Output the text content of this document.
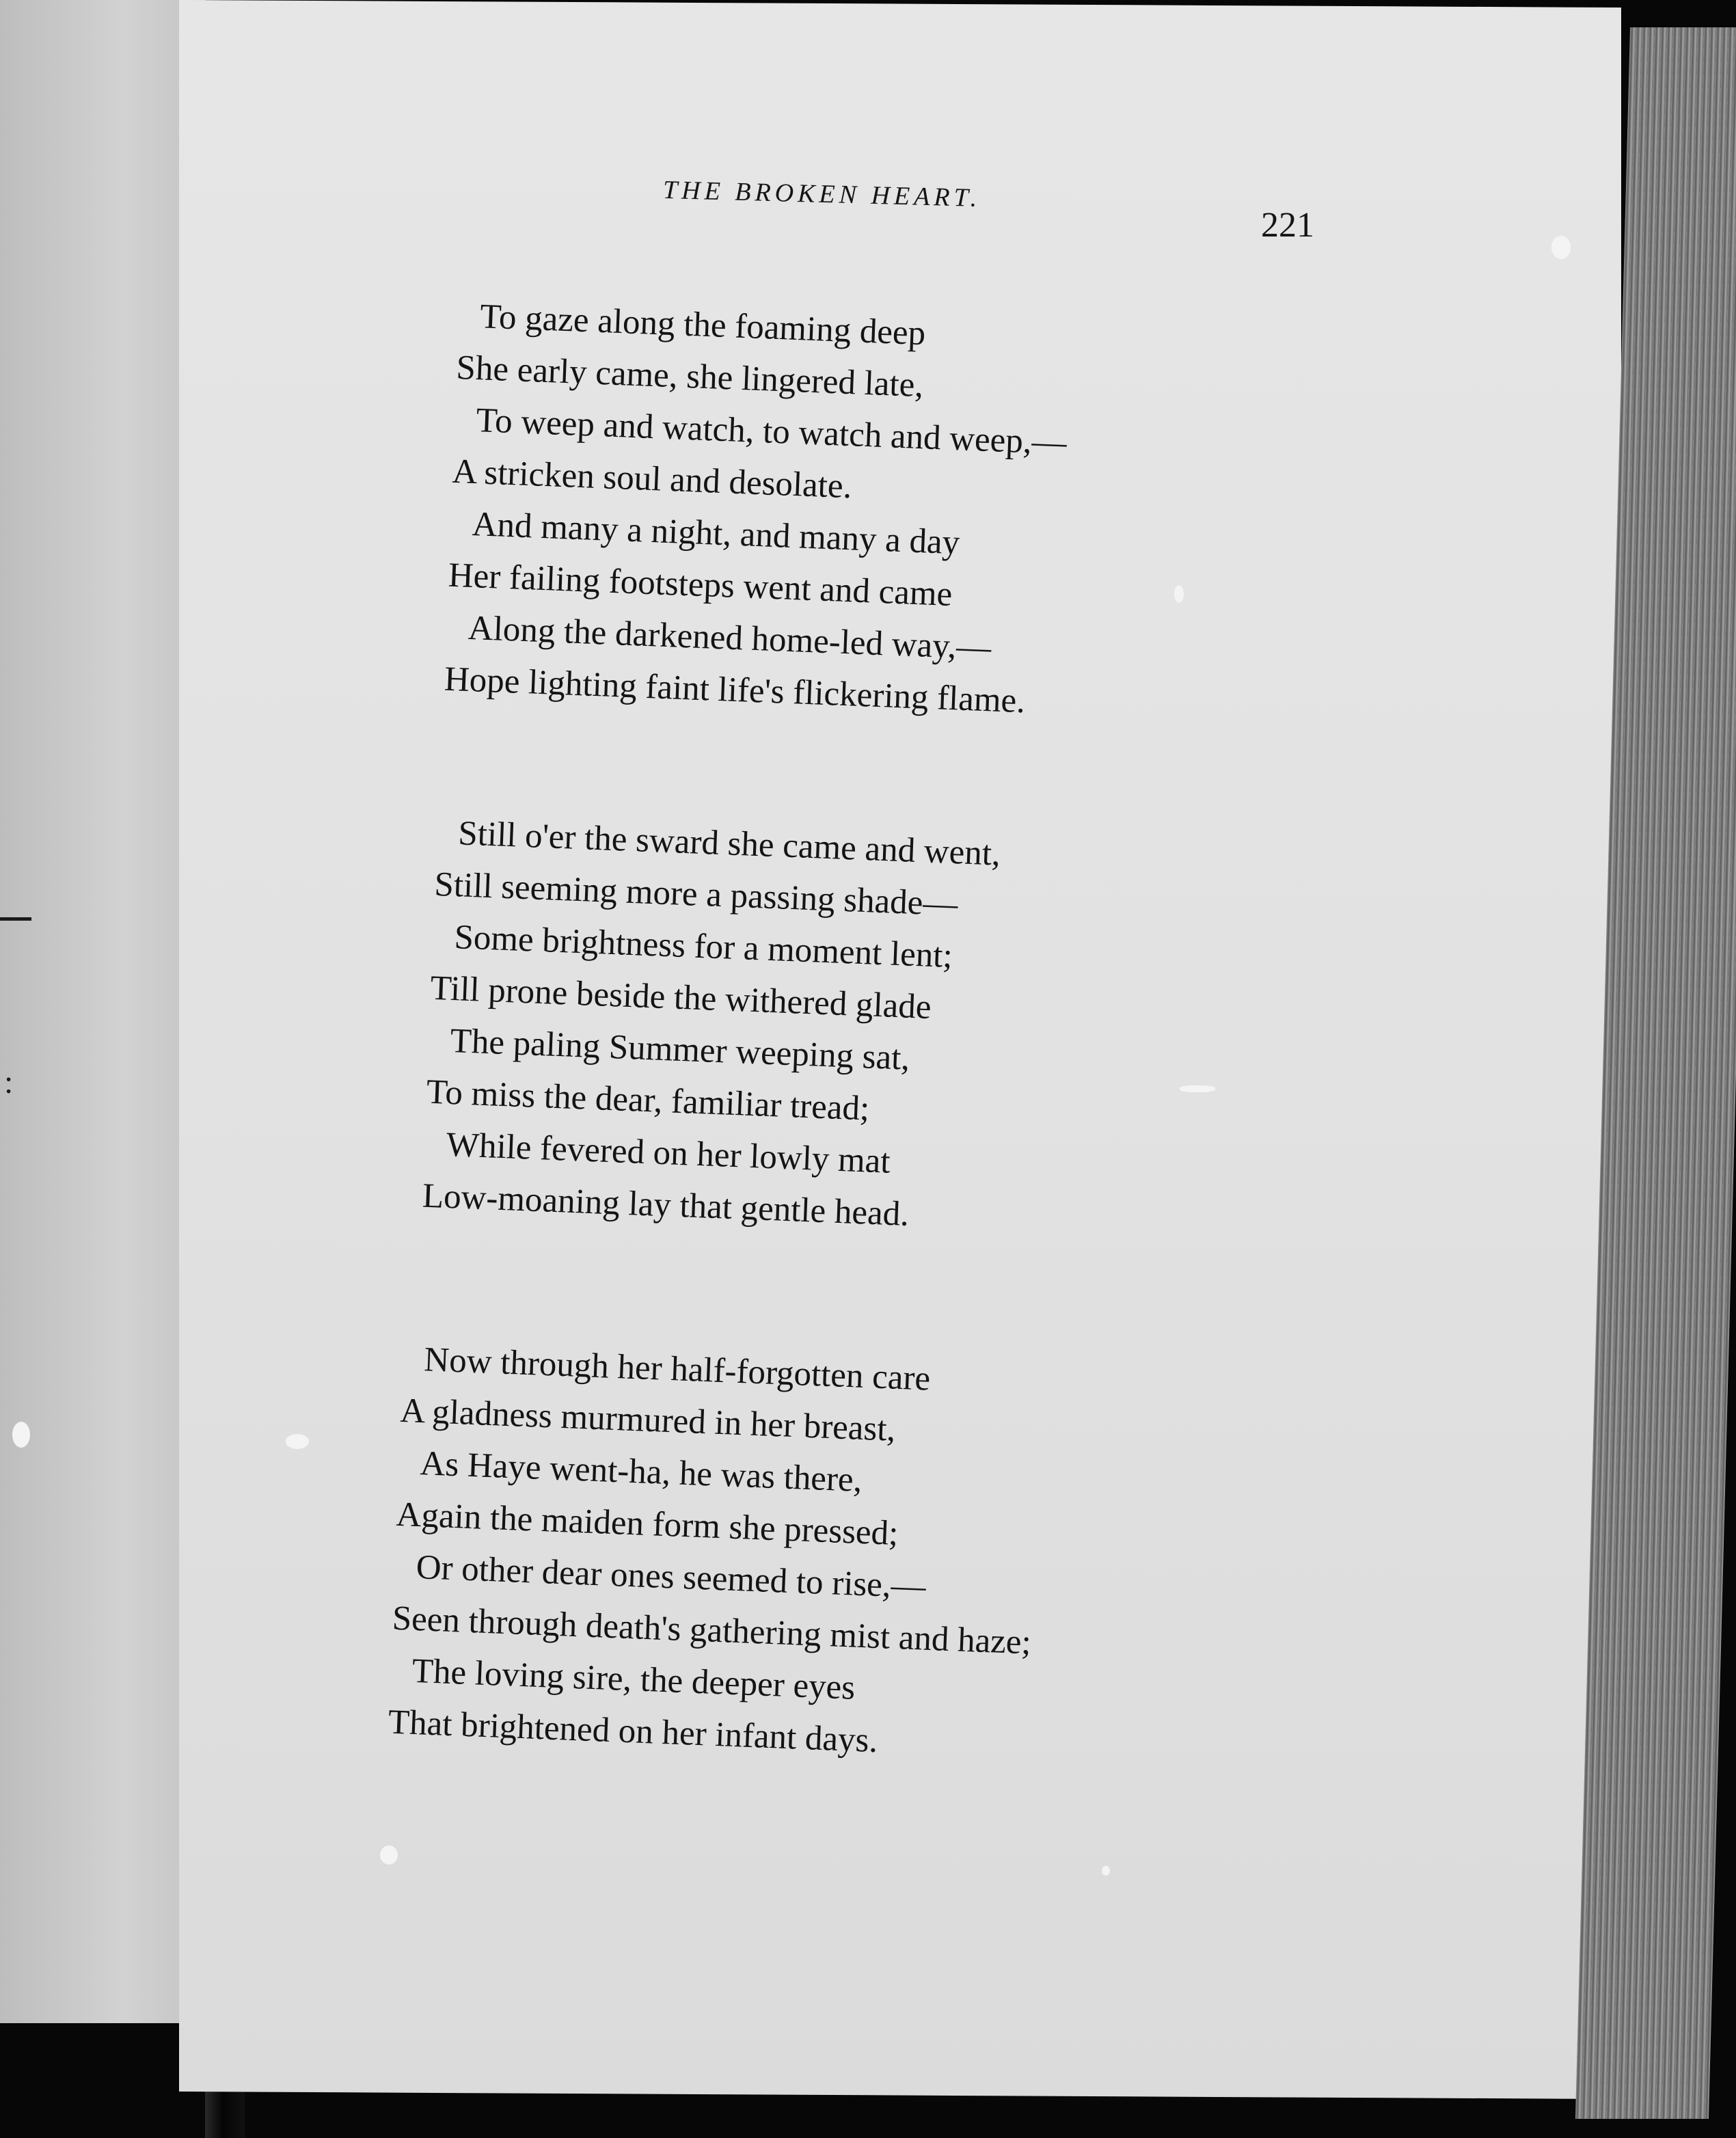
:
THE BROKEN HEART.
221
To gaze along the foaming deep
She early came, she lingered late,
To weep and watch, to watch and weep,—
A stricken soul and desolate.
And many a night, and many a day
Her failing footsteps went and came
Along the darkened home-led way,—
Hope lighting faint life's flickering flame.
Still o'er the sward she came and went,
Still seeming more a passing shade—
Some brightness for a moment lent;
Till prone beside the withered glade
The paling Summer weeping sat,
To miss the dear, familiar tread;
While fevered on her lowly mat
Low-moaning lay that gentle head.
Now through her half-forgotten care
A gladness murmured in her breast,
As Haye went-ha, he was there,
Again the maiden form she pressed;
Or other dear ones seemed to rise,—
Seen through death's gathering mist and haze;
The loving sire, the deeper eyes
That brightened on her infant days.
